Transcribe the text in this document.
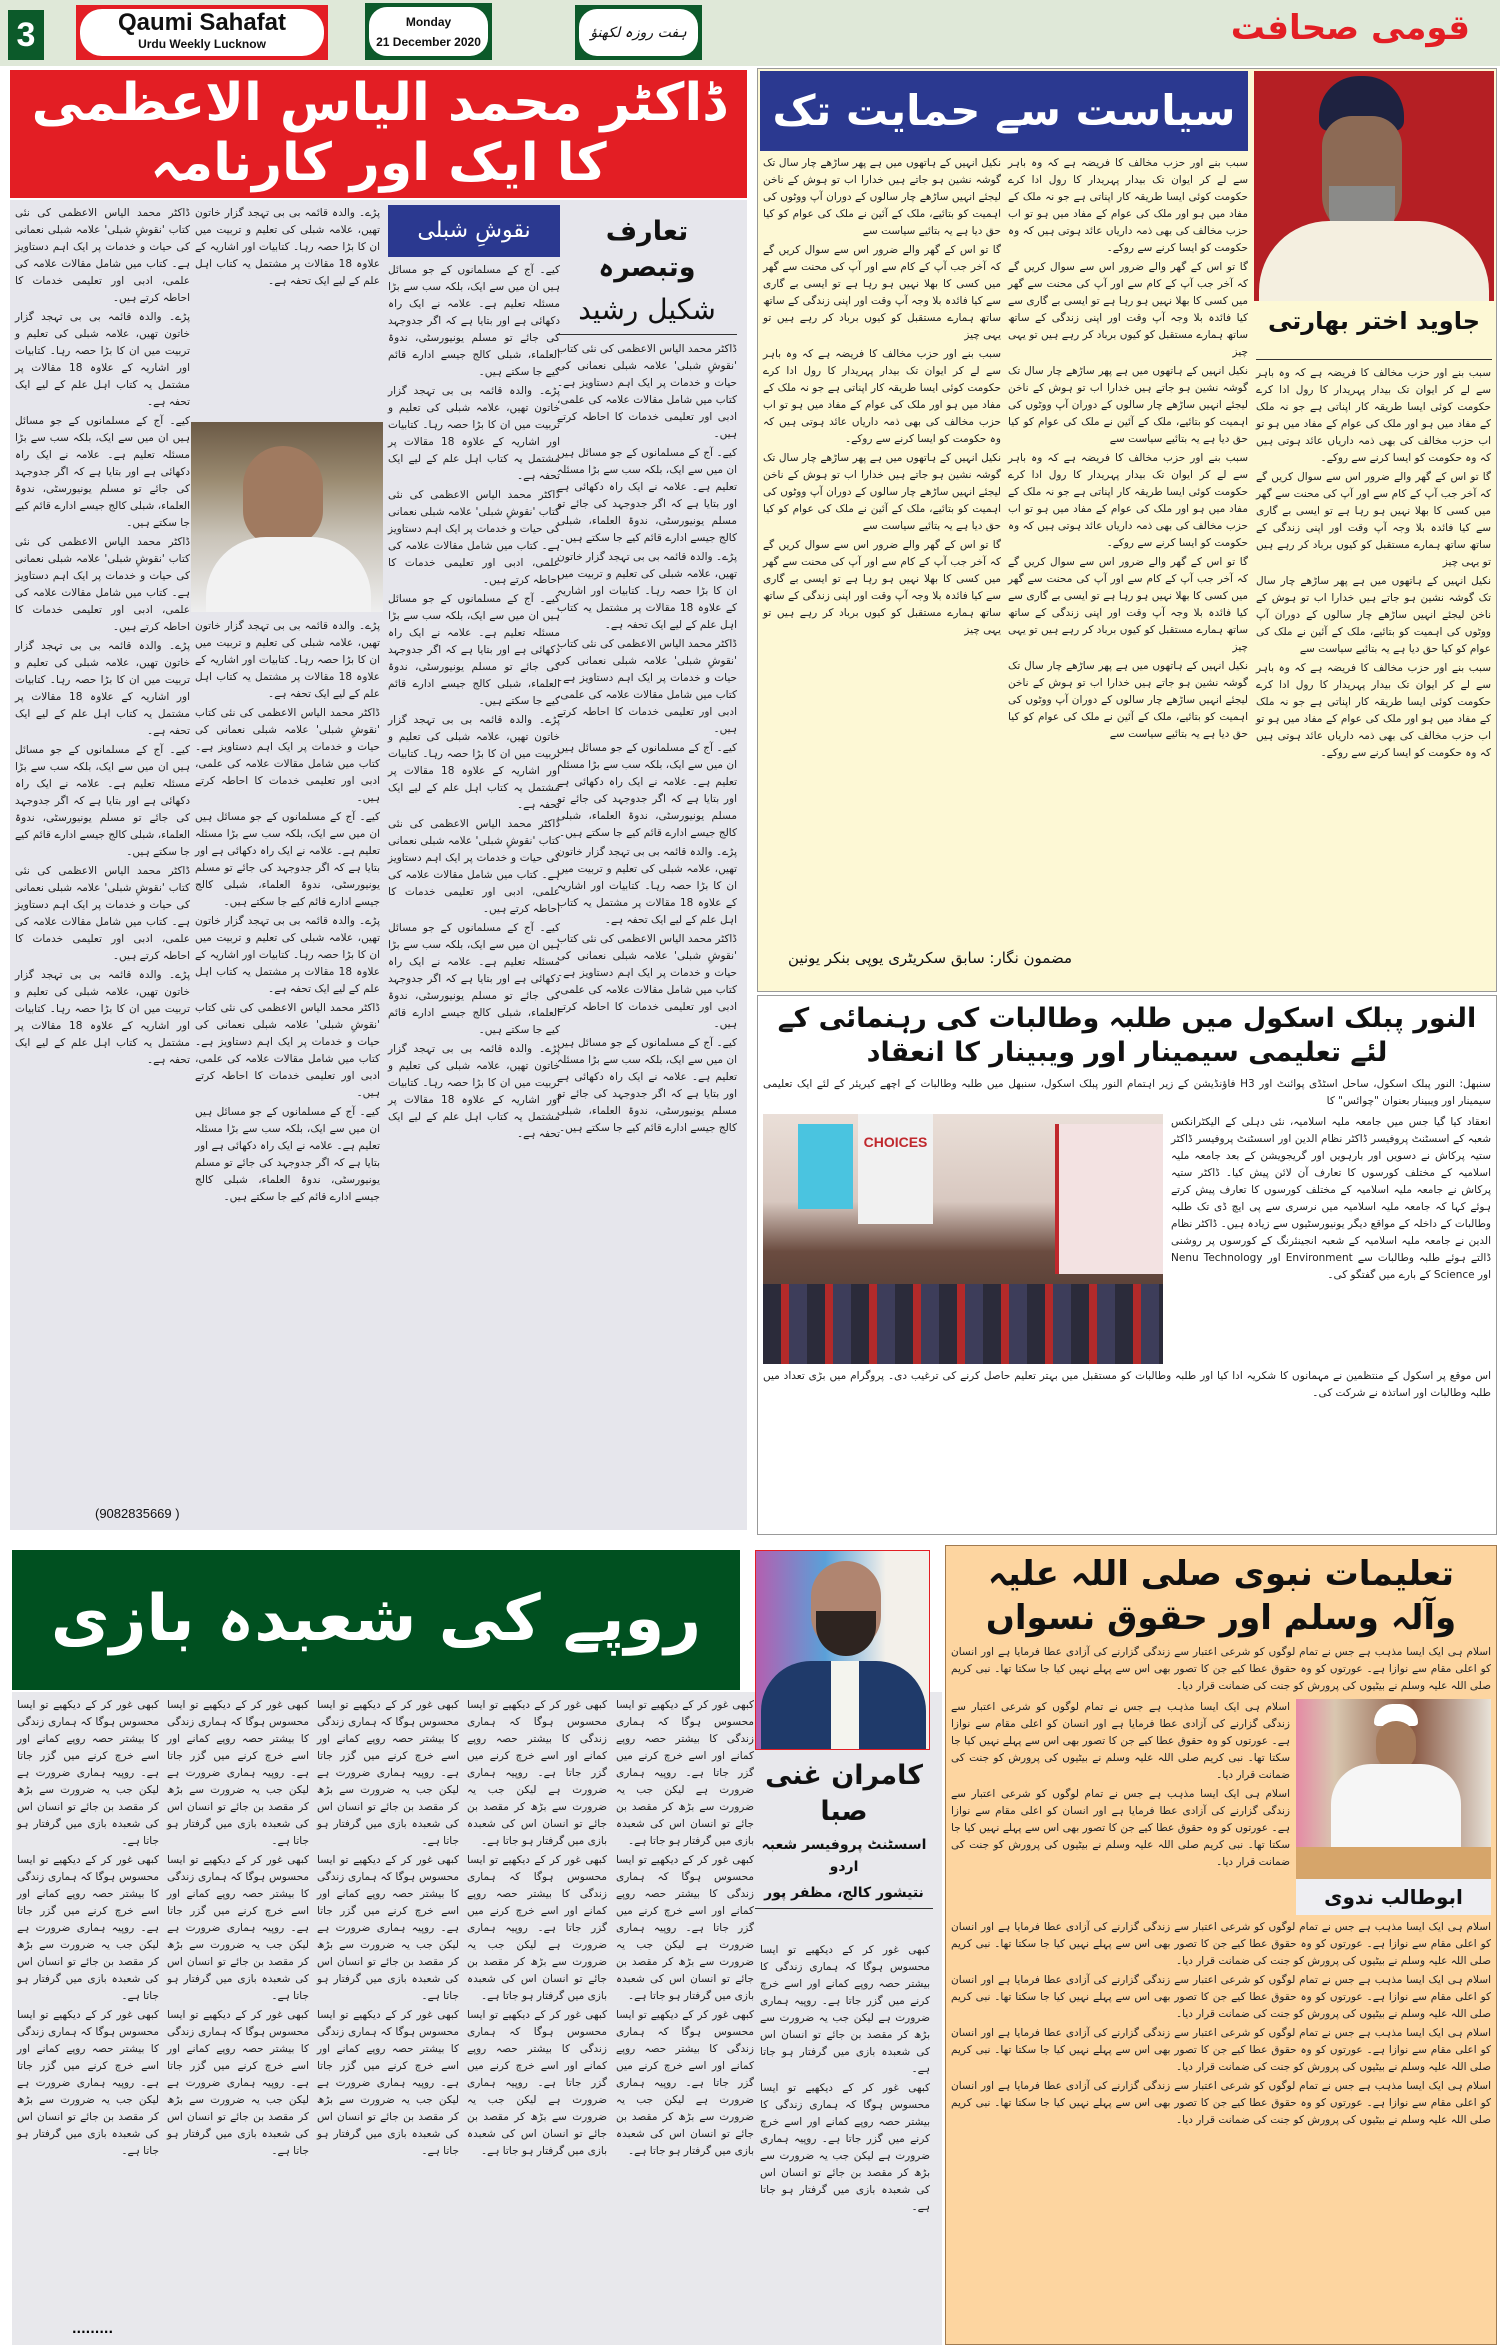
3	Qaumi Sahafat
Urdu Weekly Lucknow
Monday
21 December 2020
ہفت روزہ لکھنؤ	قومی صحافت
ڈاکٹر محمد الیاس الاعظمی کا ایک اور کارنامہ
تعارف وتبصرہ
شکیل رشید

ڈاکٹر محمد الیاس الاعظمی کی نئی کتاب 'نقوشِ شبلی' علامہ شبلی نعمانی کی حیات و خدمات پر ایک اہم دستاویز ہے۔ کتاب میں شامل مقالات علامہ کی علمی، ادبی اور تعلیمی خدمات کا احاطہ کرتے ہیں۔

کیے۔ آج کے مسلمانوں کے جو مسائل ہیں ان میں سے ایک، بلکہ سب سے بڑا مسئلہ تعلیم ہے۔ علامہ نے ایک راہ دکھائی ہے اور بتایا ہے کہ اگر جدوجہد کی جائے تو مسلم یونیورسٹی، ندوۃ العلماء، شبلی کالج جیسے ادارے قائم کیے جا سکتے ہیں۔

پڑے۔ والدہ قائمہ بی بی تہجد گزار خاتون تھیں، علامہ شبلی کی تعلیم و تربیت میں ان کا بڑا حصہ رہا۔ کتابیات اور اشاریہ کے علاوہ 18 مقالات پر مشتمل یہ کتاب اہل علم کے لیے ایک تحفہ ہے۔

ڈاکٹر محمد الیاس الاعظمی کی نئی کتاب 'نقوشِ شبلی' علامہ شبلی نعمانی کی حیات و خدمات پر ایک اہم دستاویز ہے۔ کتاب میں شامل مقالات علامہ کی علمی، ادبی اور تعلیمی خدمات کا احاطہ کرتے ہیں۔

کیے۔ آج کے مسلمانوں کے جو مسائل ہیں ان میں سے ایک، بلکہ سب سے بڑا مسئلہ تعلیم ہے۔ علامہ نے ایک راہ دکھائی ہے اور بتایا ہے کہ اگر جدوجہد کی جائے تو مسلم یونیورسٹی، ندوۃ العلماء، شبلی کالج جیسے ادارے قائم کیے جا سکتے ہیں۔

پڑے۔ والدہ قائمہ بی بی تہجد گزار خاتون تھیں، علامہ شبلی کی تعلیم و تربیت میں ان کا بڑا حصہ رہا۔ کتابیات اور اشاریہ کے علاوہ 18 مقالات پر مشتمل یہ کتاب اہل علم کے لیے ایک تحفہ ہے۔

ڈاکٹر محمد الیاس الاعظمی کی نئی کتاب 'نقوشِ شبلی' علامہ شبلی نعمانی کی حیات و خدمات پر ایک اہم دستاویز ہے۔ کتاب میں شامل مقالات علامہ کی علمی، ادبی اور تعلیمی خدمات کا احاطہ کرتے ہیں۔

کیے۔ آج کے مسلمانوں کے جو مسائل ہیں ان میں سے ایک، بلکہ سب سے بڑا مسئلہ تعلیم ہے۔ علامہ نے ایک راہ دکھائی ہے اور بتایا ہے کہ اگر جدوجہد کی جائے تو مسلم یونیورسٹی، ندوۃ العلماء، شبلی کالج جیسے ادارے قائم کیے جا سکتے ہیں۔

نقوشِ شبلی

کیے۔ آج کے مسلمانوں کے جو مسائل ہیں ان میں سے ایک، بلکہ سب سے بڑا مسئلہ تعلیم ہے۔ علامہ نے ایک راہ دکھائی ہے اور بتایا ہے کہ اگر جدوجہد کی جائے تو مسلم یونیورسٹی، ندوۃ العلماء، شبلی کالج جیسے ادارے قائم کیے جا سکتے ہیں۔

پڑے۔ والدہ قائمہ بی بی تہجد گزار خاتون تھیں، علامہ شبلی کی تعلیم و تربیت میں ان کا بڑا حصہ رہا۔ کتابیات اور اشاریہ کے علاوہ 18 مقالات پر مشتمل یہ کتاب اہل علم کے لیے ایک تحفہ ہے۔

ڈاکٹر محمد الیاس الاعظمی کی نئی کتاب 'نقوشِ شبلی' علامہ شبلی نعمانی کی حیات و خدمات پر ایک اہم دستاویز ہے۔ کتاب میں شامل مقالات علامہ کی علمی، ادبی اور تعلیمی خدمات کا احاطہ کرتے ہیں۔

کیے۔ آج کے مسلمانوں کے جو مسائل ہیں ان میں سے ایک، بلکہ سب سے بڑا مسئلہ تعلیم ہے۔ علامہ نے ایک راہ دکھائی ہے اور بتایا ہے کہ اگر جدوجہد کی جائے تو مسلم یونیورسٹی، ندوۃ العلماء، شبلی کالج جیسے ادارے قائم کیے جا سکتے ہیں۔

پڑے۔ والدہ قائمہ بی بی تہجد گزار خاتون تھیں، علامہ شبلی کی تعلیم و تربیت میں ان کا بڑا حصہ رہا۔ کتابیات اور اشاریہ کے علاوہ 18 مقالات پر مشتمل یہ کتاب اہل علم کے لیے ایک تحفہ ہے۔

ڈاکٹر محمد الیاس الاعظمی کی نئی کتاب 'نقوشِ شبلی' علامہ شبلی نعمانی کی حیات و خدمات پر ایک اہم دستاویز ہے۔ کتاب میں شامل مقالات علامہ کی علمی، ادبی اور تعلیمی خدمات کا احاطہ کرتے ہیں۔

کیے۔ آج کے مسلمانوں کے جو مسائل ہیں ان میں سے ایک، بلکہ سب سے بڑا مسئلہ تعلیم ہے۔ علامہ نے ایک راہ دکھائی ہے اور بتایا ہے کہ اگر جدوجہد کی جائے تو مسلم یونیورسٹی، ندوۃ العلماء، شبلی کالج جیسے ادارے قائم کیے جا سکتے ہیں۔

پڑے۔ والدہ قائمہ بی بی تہجد گزار خاتون تھیں، علامہ شبلی کی تعلیم و تربیت میں ان کا بڑا حصہ رہا۔ کتابیات اور اشاریہ کے علاوہ 18 مقالات پر مشتمل یہ کتاب اہل علم کے لیے ایک تحفہ ہے۔

پڑے۔ والدہ قائمہ بی بی تہجد گزار خاتون تھیں، علامہ شبلی کی تعلیم و تربیت میں ان کا بڑا حصہ رہا۔ کتابیات اور اشاریہ کے علاوہ 18 مقالات پر مشتمل یہ کتاب اہل علم کے لیے ایک تحفہ ہے۔

پڑے۔ والدہ قائمہ بی بی تہجد گزار خاتون تھیں، علامہ شبلی کی تعلیم و تربیت میں ان کا بڑا حصہ رہا۔ کتابیات اور اشاریہ کے علاوہ 18 مقالات پر مشتمل یہ کتاب اہل علم کے لیے ایک تحفہ ہے۔

ڈاکٹر محمد الیاس الاعظمی کی نئی کتاب 'نقوشِ شبلی' علامہ شبلی نعمانی کی حیات و خدمات پر ایک اہم دستاویز ہے۔ کتاب میں شامل مقالات علامہ کی علمی، ادبی اور تعلیمی خدمات کا احاطہ کرتے ہیں۔

کیے۔ آج کے مسلمانوں کے جو مسائل ہیں ان میں سے ایک، بلکہ سب سے بڑا مسئلہ تعلیم ہے۔ علامہ نے ایک راہ دکھائی ہے اور بتایا ہے کہ اگر جدوجہد کی جائے تو مسلم یونیورسٹی، ندوۃ العلماء، شبلی کالج جیسے ادارے قائم کیے جا سکتے ہیں۔

پڑے۔ والدہ قائمہ بی بی تہجد گزار خاتون تھیں، علامہ شبلی کی تعلیم و تربیت میں ان کا بڑا حصہ رہا۔ کتابیات اور اشاریہ کے علاوہ 18 مقالات پر مشتمل یہ کتاب اہل علم کے لیے ایک تحفہ ہے۔

ڈاکٹر محمد الیاس الاعظمی کی نئی کتاب 'نقوشِ شبلی' علامہ شبلی نعمانی کی حیات و خدمات پر ایک اہم دستاویز ہے۔ کتاب میں شامل مقالات علامہ کی علمی، ادبی اور تعلیمی خدمات کا احاطہ کرتے ہیں۔

کیے۔ آج کے مسلمانوں کے جو مسائل ہیں ان میں سے ایک، بلکہ سب سے بڑا مسئلہ تعلیم ہے۔ علامہ نے ایک راہ دکھائی ہے اور بتایا ہے کہ اگر جدوجہد کی جائے تو مسلم یونیورسٹی، ندوۃ العلماء، شبلی کالج جیسے ادارے قائم کیے جا سکتے ہیں۔

ڈاکٹر محمد الیاس الاعظمی کی نئی کتاب 'نقوشِ شبلی' علامہ شبلی نعمانی کی حیات و خدمات پر ایک اہم دستاویز ہے۔ کتاب میں شامل مقالات علامہ کی علمی، ادبی اور تعلیمی خدمات کا احاطہ کرتے ہیں۔

پڑے۔ والدہ قائمہ بی بی تہجد گزار خاتون تھیں، علامہ شبلی کی تعلیم و تربیت میں ان کا بڑا حصہ رہا۔ کتابیات اور اشاریہ کے علاوہ 18 مقالات پر مشتمل یہ کتاب اہل علم کے لیے ایک تحفہ ہے۔

کیے۔ آج کے مسلمانوں کے جو مسائل ہیں ان میں سے ایک، بلکہ سب سے بڑا مسئلہ تعلیم ہے۔ علامہ نے ایک راہ دکھائی ہے اور بتایا ہے کہ اگر جدوجہد کی جائے تو مسلم یونیورسٹی، ندوۃ العلماء، شبلی کالج جیسے ادارے قائم کیے جا سکتے ہیں۔

ڈاکٹر محمد الیاس الاعظمی کی نئی کتاب 'نقوشِ شبلی' علامہ شبلی نعمانی کی حیات و خدمات پر ایک اہم دستاویز ہے۔ کتاب میں شامل مقالات علامہ کی علمی، ادبی اور تعلیمی خدمات کا احاطہ کرتے ہیں۔

پڑے۔ والدہ قائمہ بی بی تہجد گزار خاتون تھیں، علامہ شبلی کی تعلیم و تربیت میں ان کا بڑا حصہ رہا۔ کتابیات اور اشاریہ کے علاوہ 18 مقالات پر مشتمل یہ کتاب اہل علم کے لیے ایک تحفہ ہے۔

کیے۔ آج کے مسلمانوں کے جو مسائل ہیں ان میں سے ایک، بلکہ سب سے بڑا مسئلہ تعلیم ہے۔ علامہ نے ایک راہ دکھائی ہے اور بتایا ہے کہ اگر جدوجہد کی جائے تو مسلم یونیورسٹی، ندوۃ العلماء، شبلی کالج جیسے ادارے قائم کیے جا سکتے ہیں۔

ڈاکٹر محمد الیاس الاعظمی کی نئی کتاب 'نقوشِ شبلی' علامہ شبلی نعمانی کی حیات و خدمات پر ایک اہم دستاویز ہے۔ کتاب میں شامل مقالات علامہ کی علمی، ادبی اور تعلیمی خدمات کا احاطہ کرتے ہیں۔

پڑے۔ والدہ قائمہ بی بی تہجد گزار خاتون تھیں، علامہ شبلی کی تعلیم و تربیت میں ان کا بڑا حصہ رہا۔ کتابیات اور اشاریہ کے علاوہ 18 مقالات پر مشتمل یہ کتاب اہل علم کے لیے ایک تحفہ ہے۔

(9082835669 )
سیاست سے حمایت تک
جاوید اختر بھارتی

سبب بنے اور حزب مخالف کا فریضہ ہے کہ وہ باہر سے لے کر ایوان تک بیدار پہریدار کا رول ادا کرے حکومت کوئی ایسا طریقہ کار اپناتی ہے جو نہ ملک کے مفاد میں ہو اور ملک کی عوام کے مفاد میں ہو تو اب حزب مخالف کی بھی ذمہ داریاں عائد ہوتی ہیں کہ وہ حکومت کو ایسا کرنے سے روکے۔

گا تو اس کے گھر والے ضرور اس سے سوال کریں گے کہ آخر جب آپ کے کام سے اور آپ کی محنت سے گھر میں کسی کا بھلا نہیں ہو رہا ہے تو ایسی بے گاری سے کیا فائدہ بلا وجہ آپ وقت اور اپنی زندگی کے ساتھ ساتھ ہمارے مستقبل کو کیوں برباد کر رہے ہیں تو یہی چیز

نکیل انہیں کے ہاتھوں میں ہے پھر ساڑھے چار سال تک گوشہ نشین ہو جاتے ہیں خدارا اب تو ہوش کے ناخن لیجئے انہیں ساڑھے چار سالوں کے دوران آپ ووٹوں کی اہمیت کو بتائیے، ملک کے آئین نے ملک کی عوام کو کیا حق دیا ہے یہ بتائیے سیاست سے

سبب بنے اور حزب مخالف کا فریضہ ہے کہ وہ باہر سے لے کر ایوان تک بیدار پہریدار کا رول ادا کرے حکومت کوئی ایسا طریقہ کار اپناتی ہے جو نہ ملک کے مفاد میں ہو اور ملک کی عوام کے مفاد میں ہو تو اب حزب مخالف کی بھی ذمہ داریاں عائد ہوتی ہیں کہ وہ حکومت کو ایسا کرنے سے روکے۔

سبب بنے اور حزب مخالف کا فریضہ ہے کہ وہ باہر سے لے کر ایوان تک بیدار پہریدار کا رول ادا کرے حکومت کوئی ایسا طریقہ کار اپناتی ہے جو نہ ملک کے مفاد میں ہو اور ملک کی عوام کے مفاد میں ہو تو اب حزب مخالف کی بھی ذمہ داریاں عائد ہوتی ہیں کہ وہ حکومت کو ایسا کرنے سے روکے۔

گا تو اس کے گھر والے ضرور اس سے سوال کریں گے کہ آخر جب آپ کے کام سے اور آپ کی محنت سے گھر میں کسی کا بھلا نہیں ہو رہا ہے تو ایسی بے گاری سے کیا فائدہ بلا وجہ آپ وقت اور اپنی زندگی کے ساتھ ساتھ ہمارے مستقبل کو کیوں برباد کر رہے ہیں تو یہی چیز

نکیل انہیں کے ہاتھوں میں ہے پھر ساڑھے چار سال تک گوشہ نشین ہو جاتے ہیں خدارا اب تو ہوش کے ناخن لیجئے انہیں ساڑھے چار سالوں کے دوران آپ ووٹوں کی اہمیت کو بتائیے، ملک کے آئین نے ملک کی عوام کو کیا حق دیا ہے یہ بتائیے سیاست سے

سبب بنے اور حزب مخالف کا فریضہ ہے کہ وہ باہر سے لے کر ایوان تک بیدار پہریدار کا رول ادا کرے حکومت کوئی ایسا طریقہ کار اپناتی ہے جو نہ ملک کے مفاد میں ہو اور ملک کی عوام کے مفاد میں ہو تو اب حزب مخالف کی بھی ذمہ داریاں عائد ہوتی ہیں کہ وہ حکومت کو ایسا کرنے سے روکے۔

گا تو اس کے گھر والے ضرور اس سے سوال کریں گے کہ آخر جب آپ کے کام سے اور آپ کی محنت سے گھر میں کسی کا بھلا نہیں ہو رہا ہے تو ایسی بے گاری سے کیا فائدہ بلا وجہ آپ وقت اور اپنی زندگی کے ساتھ ساتھ ہمارے مستقبل کو کیوں برباد کر رہے ہیں تو یہی چیز

نکیل انہیں کے ہاتھوں میں ہے پھر ساڑھے چار سال تک گوشہ نشین ہو جاتے ہیں خدارا اب تو ہوش کے ناخن لیجئے انہیں ساڑھے چار سالوں کے دوران آپ ووٹوں کی اہمیت کو بتائیے، ملک کے آئین نے ملک کی عوام کو کیا حق دیا ہے یہ بتائیے سیاست سے

نکیل انہیں کے ہاتھوں میں ہے پھر ساڑھے چار سال تک گوشہ نشین ہو جاتے ہیں خدارا اب تو ہوش کے ناخن لیجئے انہیں ساڑھے چار سالوں کے دوران آپ ووٹوں کی اہمیت کو بتائیے، ملک کے آئین نے ملک کی عوام کو کیا حق دیا ہے یہ بتائیے سیاست سے

گا تو اس کے گھر والے ضرور اس سے سوال کریں گے کہ آخر جب آپ کے کام سے اور آپ کی محنت سے گھر میں کسی کا بھلا نہیں ہو رہا ہے تو ایسی بے گاری سے کیا فائدہ بلا وجہ آپ وقت اور اپنی زندگی کے ساتھ ساتھ ہمارے مستقبل کو کیوں برباد کر رہے ہیں تو یہی چیز

سبب بنے اور حزب مخالف کا فریضہ ہے کہ وہ باہر سے لے کر ایوان تک بیدار پہریدار کا رول ادا کرے حکومت کوئی ایسا طریقہ کار اپناتی ہے جو نہ ملک کے مفاد میں ہو اور ملک کی عوام کے مفاد میں ہو تو اب حزب مخالف کی بھی ذمہ داریاں عائد ہوتی ہیں کہ وہ حکومت کو ایسا کرنے سے روکے۔

نکیل انہیں کے ہاتھوں میں ہے پھر ساڑھے چار سال تک گوشہ نشین ہو جاتے ہیں خدارا اب تو ہوش کے ناخن لیجئے انہیں ساڑھے چار سالوں کے دوران آپ ووٹوں کی اہمیت کو بتائیے، ملک کے آئین نے ملک کی عوام کو کیا حق دیا ہے یہ بتائیے سیاست سے

گا تو اس کے گھر والے ضرور اس سے سوال کریں گے کہ آخر جب آپ کے کام سے اور آپ کی محنت سے گھر میں کسی کا بھلا نہیں ہو رہا ہے تو ایسی بے گاری سے کیا فائدہ بلا وجہ آپ وقت اور اپنی زندگی کے ساتھ ساتھ ہمارے مستقبل کو کیوں برباد کر رہے ہیں تو یہی چیز

مضمون نگار: سابق سکریٹری یوپی بنکر یونین
النور پبلک اسکول میں طلبہ وطالبات کی رہنمائی کے لئے تعلیمی سیمینار اور ویبینار کا انعقاد
سنبھل: النور پبلک اسکول، ساحل اسٹڈی پوائنٹ اور H3 فاؤنڈیشن کے زیر اہتمام النور پبلک اسکول، سنبھل میں طلبہ وطالبات کے اچھے کیریئر کے لئے ایک تعلیمی سیمینار اور ویبینار بعنوان "چوائس" کا
انعقاد کیا گیا جس میں جامعہ ملیہ اسلامیہ، نئی دہلی کے الیکٹرانکس شعبہ کے اسسٹنٹ پروفیسر ڈاکٹر نظام الدین اور اسسٹنٹ پروفیسر ڈاکٹر ستیہ پرکاش نے دسویں اور بارہویں اور گریجویشن کے بعد جامعہ ملیہ اسلامیہ کے مختلف کورسوں کا تعارف آن لائن پیش کیا۔ ڈاکٹر ستیہ پرکاش نے جامعہ ملیہ اسلامیہ کے مختلف کورسوں کا تعارف پیش کرتے ہوئے کہا کہ جامعہ ملیہ اسلامیہ میں نرسری سے پی ایچ ڈی تک طلبہ وطالبات کے داخلہ کے مواقع دیگر یونیورسٹیوں سے زیادہ ہیں۔ ڈاکٹر نظام الدین نے جامعہ ملیہ اسلامیہ کے شعبہ انجینئرنگ کے کورسوں پر روشنی ڈالتے ہوئے طلبہ وطالبات سے Environment اور Nenu Technology اور Science کے بارے میں گفتگو کی۔
CHOICES

اس موقع پر اسکول کے منتظمین نے مہمانوں کا شکریہ ادا کیا اور طلبہ وطالبات کو مستقبل میں بہتر تعلیم حاصل کرنے کی ترغیب دی۔ پروگرام میں بڑی تعداد میں طلبہ وطالبات اور اساتذہ نے شرکت کی۔

روپے کی شعبدہ بازی

کبھی غور کر کے دیکھیے تو ایسا محسوس ہوگا کہ ہماری زندگی کا بیشتر حصہ روپے کمانے اور اسے خرچ کرنے میں گزر جاتا ہے۔ روپیہ ہماری ضرورت ہے لیکن جب یہ ضرورت سے بڑھ کر مقصد بن جائے تو انسان اس کی شعبدہ بازی میں گرفتار ہو جاتا ہے۔

کبھی غور کر کے دیکھیے تو ایسا محسوس ہوگا کہ ہماری زندگی کا بیشتر حصہ روپے کمانے اور اسے خرچ کرنے میں گزر جاتا ہے۔ روپیہ ہماری ضرورت ہے لیکن جب یہ ضرورت سے بڑھ کر مقصد بن جائے تو انسان اس کی شعبدہ بازی میں گرفتار ہو جاتا ہے۔

کبھی غور کر کے دیکھیے تو ایسا محسوس ہوگا کہ ہماری زندگی کا بیشتر حصہ روپے کمانے اور اسے خرچ کرنے میں گزر جاتا ہے۔ روپیہ ہماری ضرورت ہے لیکن جب یہ ضرورت سے بڑھ کر مقصد بن جائے تو انسان اس کی شعبدہ بازی میں گرفتار ہو جاتا ہے۔

کبھی غور کر کے دیکھیے تو ایسا محسوس ہوگا کہ ہماری زندگی کا بیشتر حصہ روپے کمانے اور اسے خرچ کرنے میں گزر جاتا ہے۔ روپیہ ہماری ضرورت ہے لیکن جب یہ ضرورت سے بڑھ کر مقصد بن جائے تو انسان اس کی شعبدہ بازی میں گرفتار ہو جاتا ہے۔

کبھی غور کر کے دیکھیے تو ایسا محسوس ہوگا کہ ہماری زندگی کا بیشتر حصہ روپے کمانے اور اسے خرچ کرنے میں گزر جاتا ہے۔ روپیہ ہماری ضرورت ہے لیکن جب یہ ضرورت سے بڑھ کر مقصد بن جائے تو انسان اس کی شعبدہ بازی میں گرفتار ہو جاتا ہے۔

کبھی غور کر کے دیکھیے تو ایسا محسوس ہوگا کہ ہماری زندگی کا بیشتر حصہ روپے کمانے اور اسے خرچ کرنے میں گزر جاتا ہے۔ روپیہ ہماری ضرورت ہے لیکن جب یہ ضرورت سے بڑھ کر مقصد بن جائے تو انسان اس کی شعبدہ بازی میں گرفتار ہو جاتا ہے۔

کبھی غور کر کے دیکھیے تو ایسا محسوس ہوگا کہ ہماری زندگی کا بیشتر حصہ روپے کمانے اور اسے خرچ کرنے میں گزر جاتا ہے۔ روپیہ ہماری ضرورت ہے لیکن جب یہ ضرورت سے بڑھ کر مقصد بن جائے تو انسان اس کی شعبدہ بازی میں گرفتار ہو جاتا ہے۔

کبھی غور کر کے دیکھیے تو ایسا محسوس ہوگا کہ ہماری زندگی کا بیشتر حصہ روپے کمانے اور اسے خرچ کرنے میں گزر جاتا ہے۔ روپیہ ہماری ضرورت ہے لیکن جب یہ ضرورت سے بڑھ کر مقصد بن جائے تو انسان اس کی شعبدہ بازی میں گرفتار ہو جاتا ہے۔

کبھی غور کر کے دیکھیے تو ایسا محسوس ہوگا کہ ہماری زندگی کا بیشتر حصہ روپے کمانے اور اسے خرچ کرنے میں گزر جاتا ہے۔ روپیہ ہماری ضرورت ہے لیکن جب یہ ضرورت سے بڑھ کر مقصد بن جائے تو انسان اس کی شعبدہ بازی میں گرفتار ہو جاتا ہے۔

کبھی غور کر کے دیکھیے تو ایسا محسوس ہوگا کہ ہماری زندگی کا بیشتر حصہ روپے کمانے اور اسے خرچ کرنے میں گزر جاتا ہے۔ روپیہ ہماری ضرورت ہے لیکن جب یہ ضرورت سے بڑھ کر مقصد بن جائے تو انسان اس کی شعبدہ بازی میں گرفتار ہو جاتا ہے۔

کبھی غور کر کے دیکھیے تو ایسا محسوس ہوگا کہ ہماری زندگی کا بیشتر حصہ روپے کمانے اور اسے خرچ کرنے میں گزر جاتا ہے۔ روپیہ ہماری ضرورت ہے لیکن جب یہ ضرورت سے بڑھ کر مقصد بن جائے تو انسان اس کی شعبدہ بازی میں گرفتار ہو جاتا ہے۔

کبھی غور کر کے دیکھیے تو ایسا محسوس ہوگا کہ ہماری زندگی کا بیشتر حصہ روپے کمانے اور اسے خرچ کرنے میں گزر جاتا ہے۔ روپیہ ہماری ضرورت ہے لیکن جب یہ ضرورت سے بڑھ کر مقصد بن جائے تو انسان اس کی شعبدہ بازی میں گرفتار ہو جاتا ہے۔

کبھی غور کر کے دیکھیے تو ایسا محسوس ہوگا کہ ہماری زندگی کا بیشتر حصہ روپے کمانے اور اسے خرچ کرنے میں گزر جاتا ہے۔ روپیہ ہماری ضرورت ہے لیکن جب یہ ضرورت سے بڑھ کر مقصد بن جائے تو انسان اس کی شعبدہ بازی میں گرفتار ہو جاتا ہے۔

کبھی غور کر کے دیکھیے تو ایسا محسوس ہوگا کہ ہماری زندگی کا بیشتر حصہ روپے کمانے اور اسے خرچ کرنے میں گزر جاتا ہے۔ روپیہ ہماری ضرورت ہے لیکن جب یہ ضرورت سے بڑھ کر مقصد بن جائے تو انسان اس کی شعبدہ بازی میں گرفتار ہو جاتا ہے۔

کبھی غور کر کے دیکھیے تو ایسا محسوس ہوگا کہ ہماری زندگی کا بیشتر حصہ روپے کمانے اور اسے خرچ کرنے میں گزر جاتا ہے۔ روپیہ ہماری ضرورت ہے لیکن جب یہ ضرورت سے بڑھ کر مقصد بن جائے تو انسان اس کی شعبدہ بازی میں گرفتار ہو جاتا ہے۔

کبھی غور کر کے دیکھیے تو ایسا محسوس ہوگا کہ ہماری زندگی کا بیشتر حصہ روپے کمانے اور اسے خرچ کرنے میں گزر جاتا ہے۔ روپیہ ہماری ضرورت ہے لیکن جب یہ ضرورت سے بڑھ کر مقصد بن جائے تو انسان اس کی شعبدہ بازی میں گرفتار ہو جاتا ہے۔

کبھی غور کر کے دیکھیے تو ایسا محسوس ہوگا کہ ہماری زندگی کا بیشتر حصہ روپے کمانے اور اسے خرچ کرنے میں گزر جاتا ہے۔ روپیہ ہماری ضرورت ہے لیکن جب یہ ضرورت سے بڑھ کر مقصد بن جائے تو انسان اس کی شعبدہ بازی میں گرفتار ہو جاتا ہے۔

.........
کامران غنی صبا
اسسٹنٹ پروفیسر شعبہ اردو
نتیشور کالج، مظفر پور
تعلیمات نبوی صلی اللہ علیہ وآلہ وسلم اور حقوق نسواں
اسلام ہی ایک ایسا مذہب ہے جس نے تمام لوگوں کو شرعی اعتبار سے زندگی گزارنے کی آزادی عطا فرمایا ہے اور انسان کو اعلی مقام سے نوازا ہے۔ عورتوں کو وہ حقوق عطا کیے جن کا تصور بھی اس سے پہلے نہیں کیا جا سکتا تھا۔ نبی کریم صلی اللہ علیہ وسلم نے بیٹیوں کی پرورش کو جنت کی ضمانت قرار دیا۔
ابوطالب ندوی

اسلام ہی ایک ایسا مذہب ہے جس نے تمام لوگوں کو شرعی اعتبار سے زندگی گزارنے کی آزادی عطا فرمایا ہے اور انسان کو اعلی مقام سے نوازا ہے۔ عورتوں کو وہ حقوق عطا کیے جن کا تصور بھی اس سے پہلے نہیں کیا جا سکتا تھا۔ نبی کریم صلی اللہ علیہ وسلم نے بیٹیوں کی پرورش کو جنت کی ضمانت قرار دیا۔

اسلام ہی ایک ایسا مذہب ہے جس نے تمام لوگوں کو شرعی اعتبار سے زندگی گزارنے کی آزادی عطا فرمایا ہے اور انسان کو اعلی مقام سے نوازا ہے۔ عورتوں کو وہ حقوق عطا کیے جن کا تصور بھی اس سے پہلے نہیں کیا جا سکتا تھا۔ نبی کریم صلی اللہ علیہ وسلم نے بیٹیوں کی پرورش کو جنت کی ضمانت قرار دیا۔

اسلام ہی ایک ایسا مذہب ہے جس نے تمام لوگوں کو شرعی اعتبار سے زندگی گزارنے کی آزادی عطا فرمایا ہے اور انسان کو اعلی مقام سے نوازا ہے۔ عورتوں کو وہ حقوق عطا کیے جن کا تصور بھی اس سے پہلے نہیں کیا جا سکتا تھا۔ نبی کریم صلی اللہ علیہ وسلم نے بیٹیوں کی پرورش کو جنت کی ضمانت قرار دیا۔

اسلام ہی ایک ایسا مذہب ہے جس نے تمام لوگوں کو شرعی اعتبار سے زندگی گزارنے کی آزادی عطا فرمایا ہے اور انسان کو اعلی مقام سے نوازا ہے۔ عورتوں کو وہ حقوق عطا کیے جن کا تصور بھی اس سے پہلے نہیں کیا جا سکتا تھا۔ نبی کریم صلی اللہ علیہ وسلم نے بیٹیوں کی پرورش کو جنت کی ضمانت قرار دیا۔

اسلام ہی ایک ایسا مذہب ہے جس نے تمام لوگوں کو شرعی اعتبار سے زندگی گزارنے کی آزادی عطا فرمایا ہے اور انسان کو اعلی مقام سے نوازا ہے۔ عورتوں کو وہ حقوق عطا کیے جن کا تصور بھی اس سے پہلے نہیں کیا جا سکتا تھا۔ نبی کریم صلی اللہ علیہ وسلم نے بیٹیوں کی پرورش کو جنت کی ضمانت قرار دیا۔

اسلام ہی ایک ایسا مذہب ہے جس نے تمام لوگوں کو شرعی اعتبار سے زندگی گزارنے کی آزادی عطا فرمایا ہے اور انسان کو اعلی مقام سے نوازا ہے۔ عورتوں کو وہ حقوق عطا کیے جن کا تصور بھی اس سے پہلے نہیں کیا جا سکتا تھا۔ نبی کریم صلی اللہ علیہ وسلم نے بیٹیوں کی پرورش کو جنت کی ضمانت قرار دیا۔
